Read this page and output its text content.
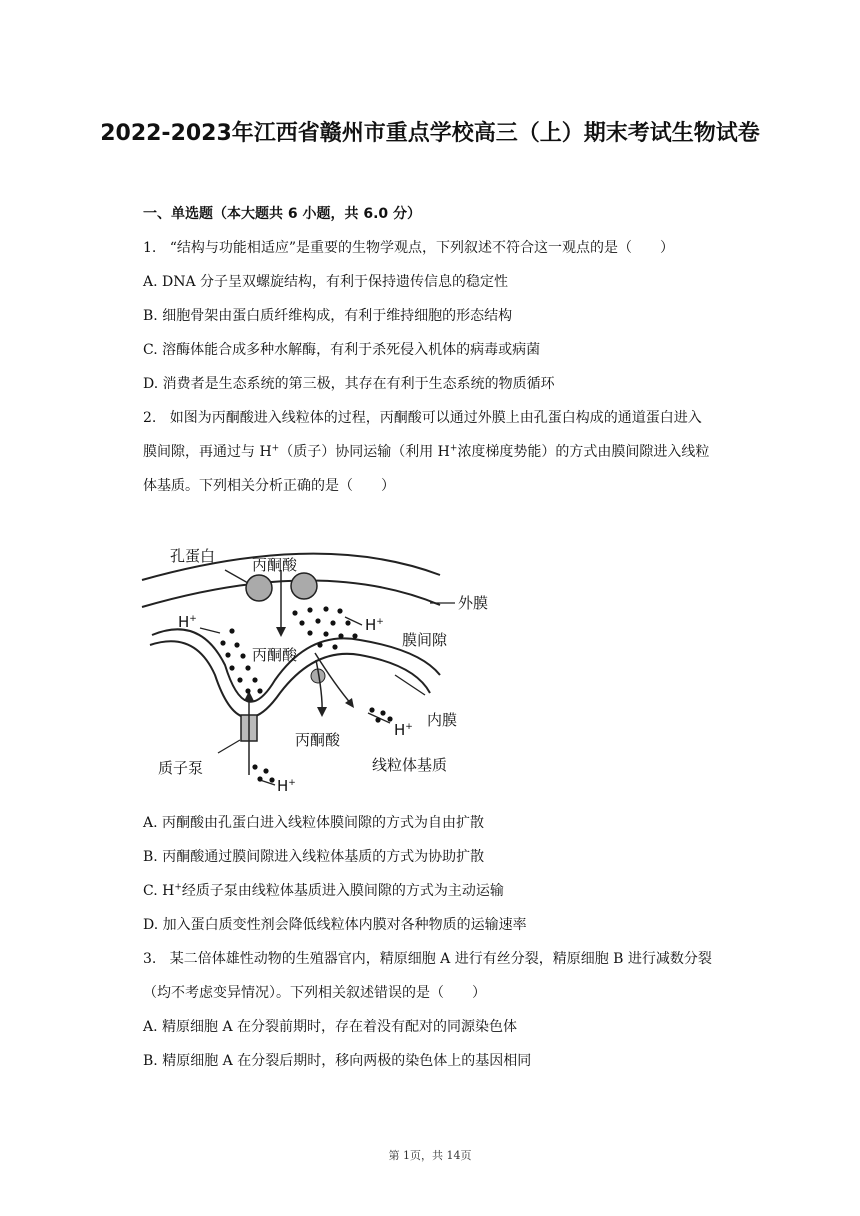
2022-2023年江西省赣州市重点学校高三（上）期末考试生物试卷
一、单选题（本大题共 6 小题，共 6.0 分）
1. “结构与功能相适应”是重要的生物学观点，下列叙述不符合这一观点的是（　　）
A. DNA 分子呈双螺旋结构，有利于保持遗传信息的稳定性
B. 细胞骨架由蛋白质纤维构成，有利于维持细胞的形态结构
C. 溶酶体能合成多种水解酶，有利于杀死侵入机体的病毒或病菌
D. 消费者是生态系统的第三极，其存在有利于生态系统的物质循环
2. 如图为丙酮酸进入线粒体的过程，丙酮酸可以通过外膜上由孔蛋白构成的通道蛋白进入
膜间隙，再通过与 H+（质子）协同运输（利用 H+浓度梯度势能）的方式由膜间隙进入线粒
体基质。下列相关分析正确的是（　　）
孔蛋白 丙酮酸
外膜
H+	H+
膜间隙
丙酮酸
内膜
H+
丙酮酸
质子泵	线粒体基质
H+
A. 丙酮酸由孔蛋白进入线粒体膜间隙的方式为自由扩散
B. 丙酮酸通过膜间隙进入线粒体基质的方式为协助扩散
C. H+经质子泵由线粒体基质进入膜间隙的方式为主动运输
D. 加入蛋白质变性剂会降低线粒体内膜对各种物质的运输速率
3. 某二倍体雄性动物的生殖器官内，精原细胞 A 进行有丝分裂，精原细胞 B 进行减数分裂
（均不考虑变异情况）。下列相关叙述错误的是（　　）
A. 精原细胞 A 在分裂前期时，存在着没有配对的同源染色体
B. 精原细胞 A 在分裂后期时，移向两极的染色体上的基因相同
第 1页，共 14页
